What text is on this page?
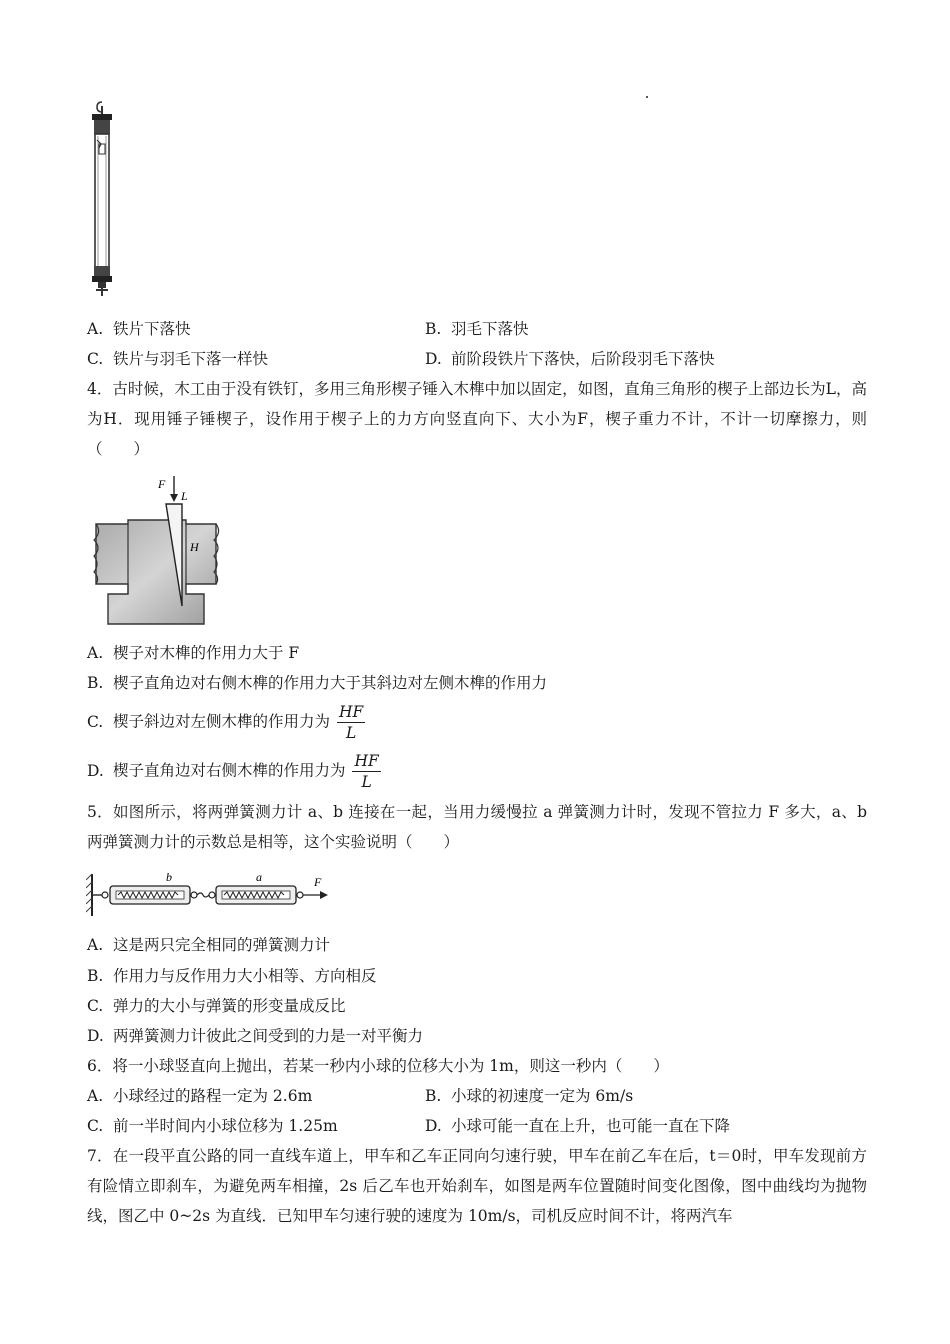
A. 铁片下落快	B. 羽毛下落快
C. 铁片与羽毛下落一样快	D. 前阶段铁片下落快，后阶段羽毛下落快
4．古时候，木工由于没有铁钉，多用三角形楔子锤入木榫中加以固定，如图，直角三角形的楔子上部边长为L，高为H．现用锤子锤楔子，设作用于楔子上的力方向竖直向下、大小为F，楔子重力不计，不计一切摩擦力，则（　　）
F
L
H
A. 楔子对木榫的作用力大于 F
B. 楔子直角边对右侧木榫的作用力大于其斜边对左侧木榫的作用力
C. 楔子斜边对左侧木榫的作用力为 $\frac{HF}{L}$
D. 楔子直角边对右侧木榫的作用力为 $\frac{HF}{L}$
5．如图所示，将两弹簧测力计 a、b 连接在一起，当用力缓慢拉 a 弹簧测力计时，发现不管拉力 F 多大，a、b 两弹簧测力计的示数总是相等，这个实验说明（　　）
b	a	F
A. 这是两只完全相同的弹簧测力计
B. 作用力与反作用力大小相等、方向相反
C. 弹力的大小与弹簧的形变量成反比
D. 两弹簧测力计彼此之间受到的力是一对平衡力
6．将一小球竖直向上抛出，若某一秒内小球的位移大小为 1m，则这一秒内（　　）
A. 小球经过的路程一定为 2.6m	B. 小球的初速度一定为 6m/s
C. 前一半时间内小球位移为 1.25m	D. 小球可能一直在上升，也可能一直在下降
7．在一段平直公路的同一直线车道上，甲车和乙车正同向匀速行驶，甲车在前乙车在后，t＝0时，甲车发现前方有险情立即刹车，为避免两车相撞，2s 后乙车也开始刹车，如图是两车位置随时间变化图像，图中曲线均为抛物线，图乙中 0~2s 为直线．已知甲车匀速行驶的速度为 10m/s，司机反应时间不计，将两汽车
